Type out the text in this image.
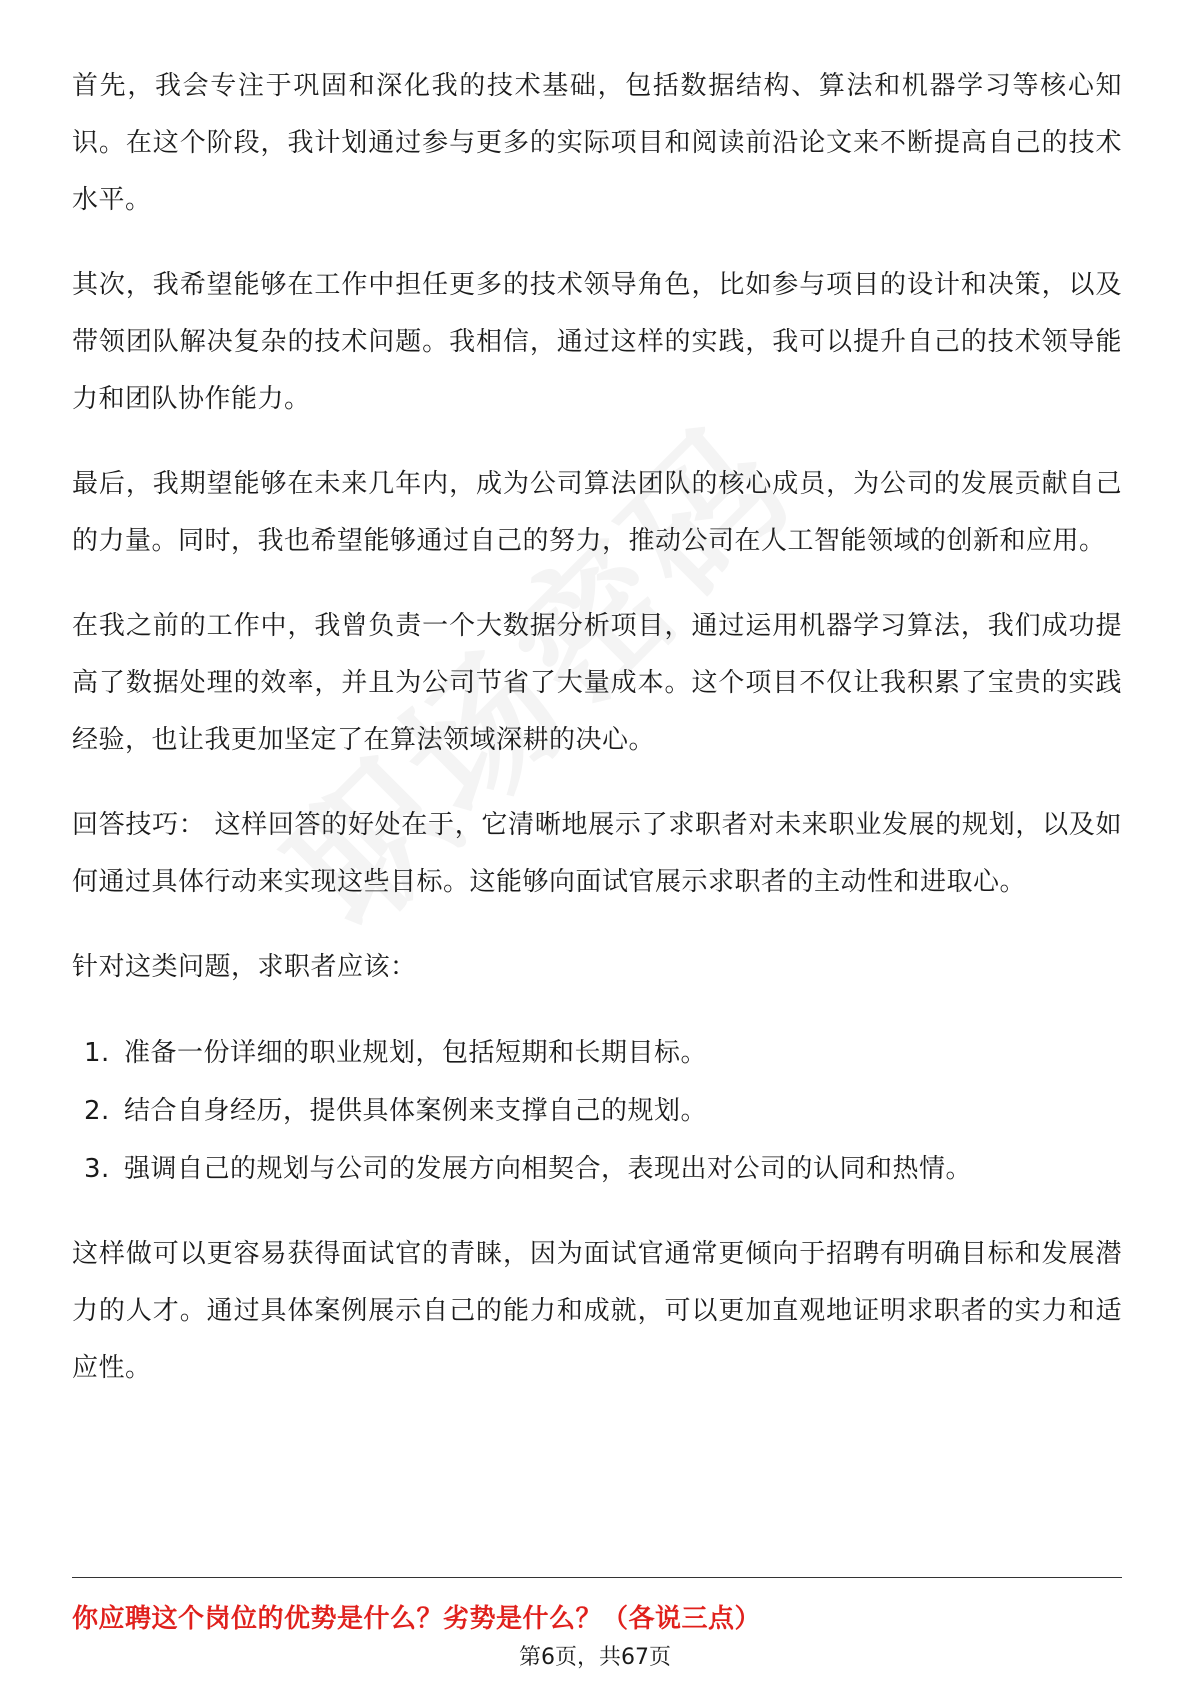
首先，我会专注于巩固和深化我的技术基础，包括数据结构、算法和机器学习等核心知识。在这个阶段，我计划通过参与更多的实际项目和阅读前沿论文来不断提高自己的技术水平。

其次，我希望能够在工作中担任更多的技术领导角色，比如参与项目的设计和决策，以及带领团队解决复杂的技术问题。我相信，通过这样的实践，我可以提升自己的技术领导能力和团队协作能力。

最后，我期望能够在未来几年内，成为公司算法团队的核心成员，为公司的发展贡献自己的力量。同时，我也希望能够通过自己的努力，推动公司在人工智能领域的创新和应用。

在我之前的工作中，我曾负责一个大数据分析项目，通过运用机器学习算法，我们成功提高了数据处理的效率，并且为公司节省了大量成本。这个项目不仅让我积累了宝贵的实践经验，也让我更加坚定了在算法领域深耕的决心。

回答技巧： 这样回答的好处在于，它清晰地展示了求职者对未来职业发展的规划，以及如何通过具体行动来实现这些目标。这能够向面试官展示求职者的主动性和进取心。

针对这类问题，求职者应该：

1. 准备一份详细的职业规划，包括短期和长期目标。
2. 结合自身经历，提供具体案例来支撑自己的规划。
3. 强调自己的规划与公司的发展方向相契合，表现出对公司的认同和热情。

这样做可以更容易获得面试官的青睐，因为面试官通常更倾向于招聘有明确目标和发展潜力的人才。通过具体案例展示自己的能力和成就，可以更加直观地证明求职者的实力和适应性。

你应聘这个岗位的优势是什么？劣势是什么？（各说三点）
第6页，共67页
